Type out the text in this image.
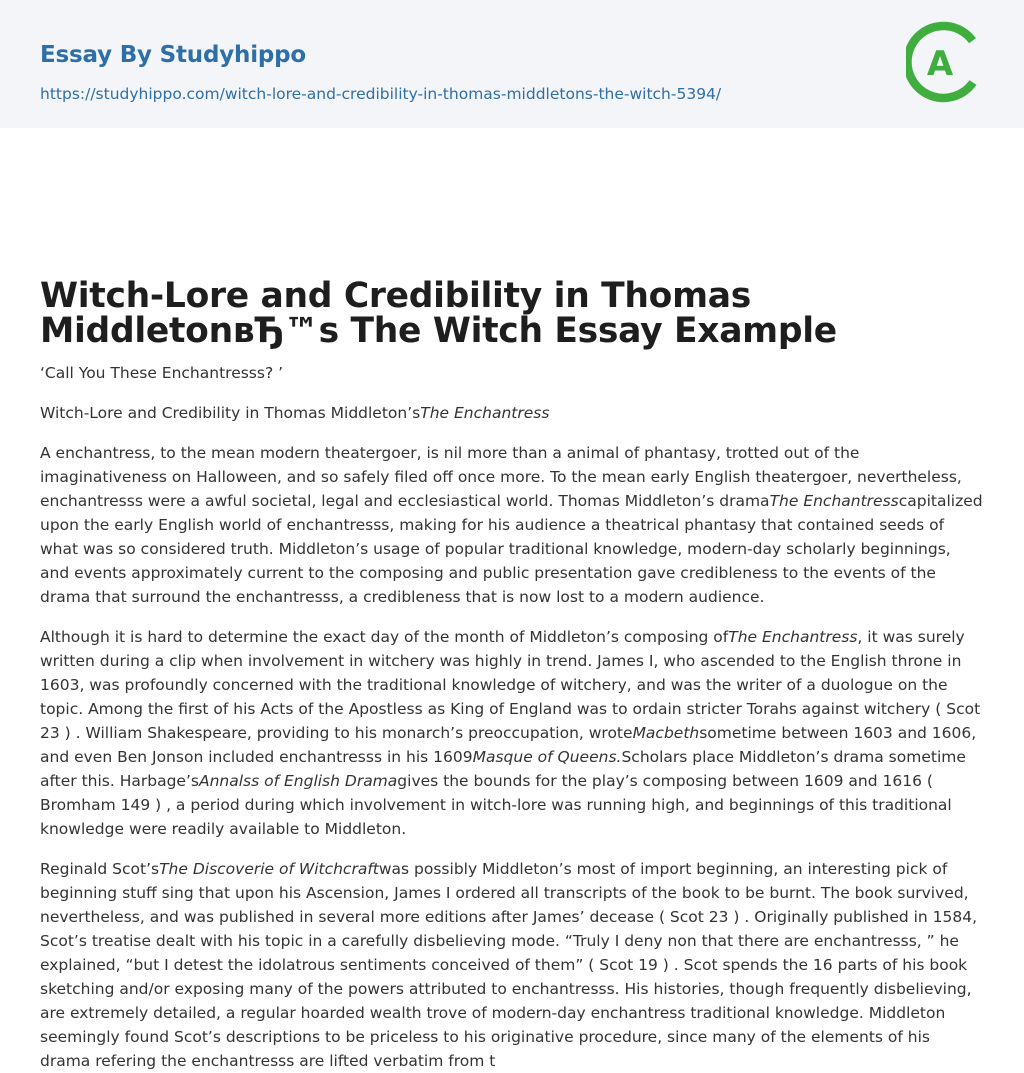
Essay By Studyhippo
https://studyhippo.com/witch-lore-and-credibility-in-thomas-middletons-the-witch-5394/
A
Witch-Lore and Credibility in Thomas MiddletonвЂ™s The Witch Essay Example

‘Call You These Enchantresss? ’

Witch-Lore and Credibility in Thomas Middleton’sThe Enchantress

A enchantress, to the mean modern theatergoer, is nil more than a animal of phantasy, trotted out of the imaginativeness on Halloween, and so safely filed off once more. To the mean early English theatergoer, nevertheless, enchantresss were a awful societal, legal and ecclesiastical world. Thomas Middleton’s dramaThe Enchantresscapitalized upon the early English world of enchantresss, making for his audience a theatrical phantasy that contained seeds of what was so considered truth. Middleton’s usage of popular traditional knowledge, modern-day scholarly beginnings, and events approximately current to the composing and public presentation gave credibleness to the events of the drama that surround the enchantresss, a credibleness that is now lost to a modern audience.

Although it is hard to determine the exact day of the month of Middleton’s composing ofThe Enchantress, it was surely written during a clip when involvement in witchery was highly in trend. James I, who ascended to the English throne in 1603, was profoundly concerned with the traditional knowledge of witchery, and was the writer of a duologue on the topic. Among the first of his Acts of the Apostless as King of England was to ordain stricter Torahs against witchery ( Scot 23 ) . William Shakespeare, providing to his monarch’s preoccupation, wroteMacbethsometime between 1603 and 1606, and even Ben Jonson included enchantresss in his 1609Masque of Queens.Scholars place Middleton’s drama sometime after this. Harbage’sAnnalss of English Dramagives the bounds for the play’s composing between 1609 and 1616 ( Bromham 149 ) , a period during which involvement in witch-lore was running high, and beginnings of this traditional knowledge were readily available to Middleton.

Reginald Scot’sThe Discoverie of Witchcraftwas possibly Middleton’s most of import beginning, an interesting pick of beginning stuff sing that upon his Ascension, James I ordered all transcripts of the book to be burnt. The book survived, nevertheless, and was published in several more editions after James’ decease ( Scot 23 ) . Originally published in 1584, Scot’s treatise dealt with his topic in a carefully disbelieving mode. “Truly I deny non that there are enchantresss, ” he explained, “but I detest the idolatrous sentiments conceived of them” ( Scot 19 ) . Scot spends the 16 parts of his book sketching and/or exposing many of the powers attributed to enchantresss. His histories, though frequently disbelieving, are extremely detailed, a regular hoarded wealth trove of modern-day enchantress traditional knowledge. Middleton seemingly found Scot’s descriptions to be priceless to his originative procedure, since many of the elements of his drama refering the enchantresss are lifted verbatim from t
